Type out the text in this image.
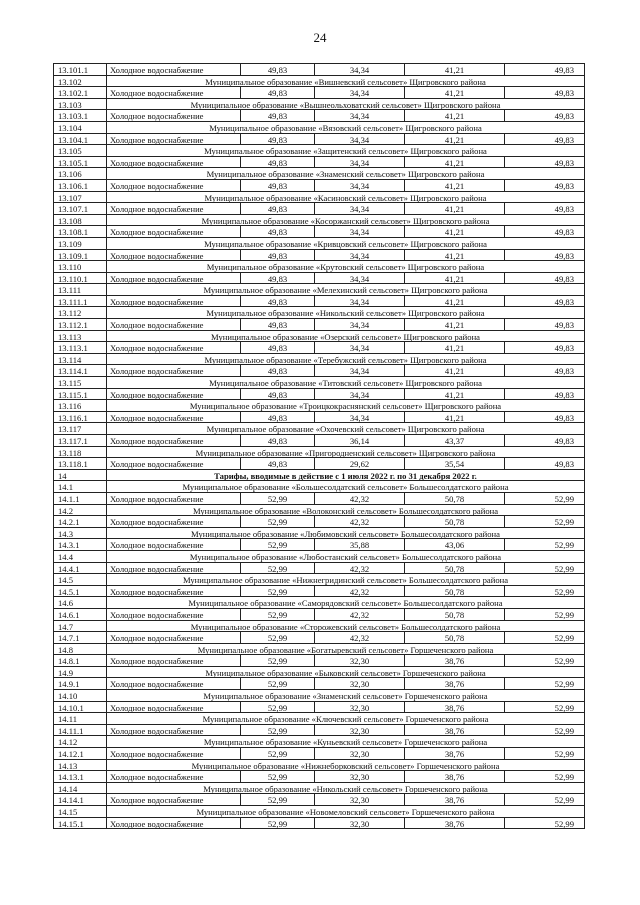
24
13.101.1	Холодное водоснабжение	49,83	34,34	41,21	49,83
13.102	Муниципальное образование «Вишневский сельсовет» Щигровского района				
13.102.1	Холодное водоснабжение	49,83	34,34	41,21	49,83
13.103	Муниципальное образование «Вышнеольховатский сельсовет» Щигровского района				
13.103.1	Холодное водоснабжение	49,83	34,34	41,21	49,83
13.104	Муниципальное образование «Вязовский сельсовет» Щигровского района				
13.104.1	Холодное водоснабжение	49,83	34,34	41,21	49,83
13.105	Муниципальное образование «Защитенский сельсовет» Щигровского района				
13.105.1	Холодное водоснабжение	49,83	34,34	41,21	49,83
13.106	Муниципальное образование «Знаменский сельсовет» Щигровского района				
13.106.1	Холодное водоснабжение	49,83	34,34	41,21	49,83
13.107	Муниципальное образование «Касиновский сельсовет» Щигровского района				
13.107.1	Холодное водоснабжение	49,83	34,34	41,21	49,83
13.108	Муниципальное образование «Косоржанский сельсовет» Щигровского района				
13.108.1	Холодное водоснабжение	49,83	34,34	41,21	49,83
13.109	Муниципальное образование «Кривцовский сельсовет» Щигровского района				
13.109.1	Холодное водоснабжение	49,83	34,34	41,21	49,83
13.110	Муниципальное образование «Крутовский сельсовет» Щигровского района				
13.110.1	Холодное водоснабжение	49,83	34,34	41,21	49,83
13.111	Муниципальное образование «Мелехинский сельсовет» Щигровского района				
13.111.1	Холодное водоснабжение	49,83	34,34	41,21	49,83
13.112	Муниципальное образование «Никольский сельсовет» Щигровского района				
13.112.1	Холодное водоснабжение	49,83	34,34	41,21	49,83
13.113	Муниципальное образование «Озерский сельсовет» Щигровского района				
13.113.1	Холодное водоснабжение	49,83	34,34	41,21	49,83
13.114	Муниципальное образование «Теребужский сельсовет» Щигровского района				
13.114.1	Холодное водоснабжение	49,83	34,34	41,21	49,83
13.115	Муниципальное образование «Титовский сельсовет» Щигровского района				
13.115.1	Холодное водоснабжение	49,83	34,34	41,21	49,83
13.116	Муниципальное образование «Троицкокраснянский сельсовет» Щигровского района				
13.116.1	Холодное водоснабжение	49,83	34,34	41,21	49,83
13.117	Муниципальное образование «Охочевский сельсовет» Щигровского района				
13.117.1	Холодное водоснабжение	49,83	36,14	43,37	49,83
13.118	Муниципальное образование «Пригородненский сельсовет» Щигровского района				
13.118.1	Холодное водоснабжение	49,83	29,62	35,54	49,83
14	Тарифы, вводимые в действие с 1 июля 2022 г. по 31 декабря 2022 г.				
14.1	Муниципальное образование «Большесолдатский сельсовет» Большесолдатского района				
14.1.1	Холодное водоснабжение	52,99	42,32	50,78	52,99
14.2	Муниципальное образование «Волоконский сельсовет» Большесолдатского района				
14.2.1	Холодное водоснабжение	52,99	42,32	50,78	52,99
14.3	Муниципальное образование «Любимовский сельсовет» Большесолдатского района				
14.3.1	Холодное водоснабжение	52,99	35,88	43,06	52,99
14.4	Муниципальное образование «Любостанский сельсовет» Большесолдатского района				
14.4.1	Холодное водоснабжение	52,99	42,32	50,78	52,99
14.5	Муниципальное образование «Нижнегридинский сельсовет» Большесолдатского района				
14.5.1	Холодное водоснабжение	52,99	42,32	50,78	52,99
14.6	Муниципальное образование «Саморядовский сельсовет» Большесолдатского района				
14.6.1	Холодное водоснабжение	52,99	42,32	50,78	52,99
14.7	Муниципальное образование «Сторожевский сельсовет» Большесолдатского района				
14.7.1	Холодное водоснабжение	52,99	42,32	50,78	52,99
14.8	Муниципальное образование «Богатыревский сельсовет» Горшеченского района				
14.8.1	Холодное водоснабжение	52,99	32,30	38,76	52,99
14.9	Муниципальное образование «Быковский сельсовет» Горшеченского района				
14.9.1	Холодное водоснабжение	52,99	32,30	38,76	52,99
14.10	Муниципальное образование «Знаменский сельсовет» Горшеченского района				
14.10.1	Холодное водоснабжение	52,99	32,30	38,76	52,99
14.11	Муниципальное образование «Ключевский сельсовет» Горшеченского района				
14.11.1	Холодное водоснабжение	52,99	32,30	38,76	52,99
14.12	Муниципальное образование «Куньевский сельсовет» Горшеченского района				
14.12.1	Холодное водоснабжение	52,99	32,30	38,76	52,99
14.13	Муниципальное образование «Нижнеборковский сельсовет» Горшеченского района				
14.13.1	Холодное водоснабжение	52,99	32,30	38,76	52,99
14.14	Муниципальное образование «Никольский сельсовет» Горшеченского района				
14.14.1	Холодное водоснабжение	52,99	32,30	38,76	52,99
14.15	Муниципальное образование «Новомеловский сельсовет» Горшеченского района				
14.15.1	Холодное водоснабжение	52,99	32,30	38,76	52,99
